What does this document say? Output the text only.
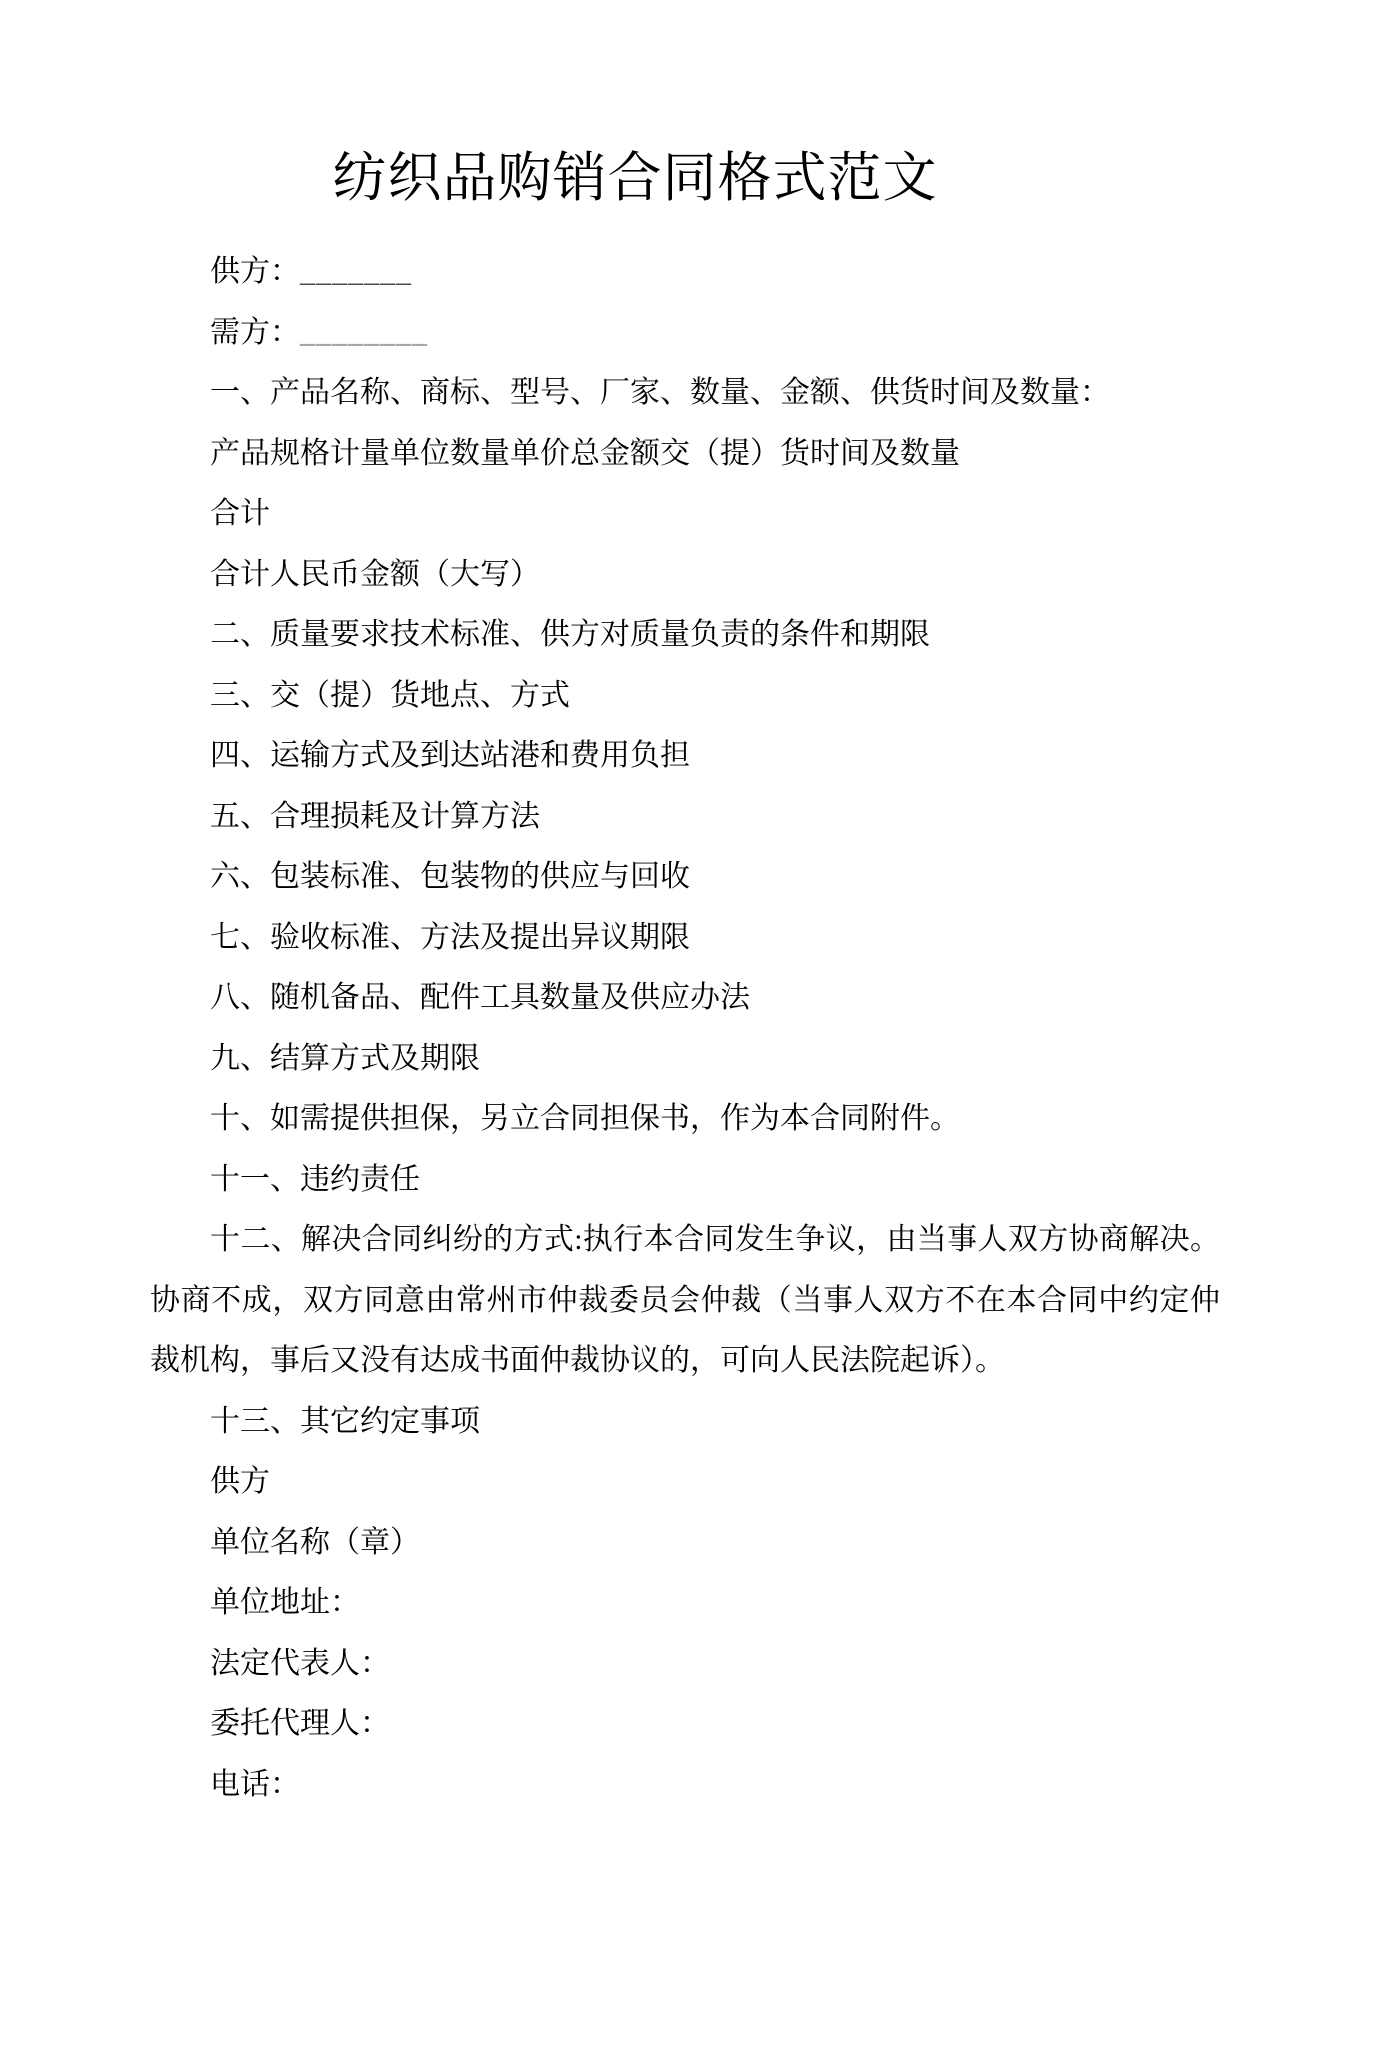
纺织品购销合同格式范文

供方：_______

需方：________

一、产品名称、商标、型号、厂家、数量、金额、供货时间及数量：

产品规格计量单位数量单价总金额交（提）货时间及数量

合计

合计人民币金额（大写）

二、质量要求技术标准、供方对质量负责的条件和期限

三、交（提）货地点、方式

四、运输方式及到达站港和费用负担

五、合理损耗及计算方法

六、包装标准、包装物的供应与回收

七、验收标准、方法及提出异议期限

八、随机备品、配件工具数量及供应办法

九、结算方式及期限

十、如需提供担保，另立合同担保书，作为本合同附件。

十一、违约责任

十二、解决合同纠纷的方式:执行本合同发生争议，由当事人双方协商解决。协商不成，双方同意由常州市仲裁委员会仲裁（当事人双方不在本合同中约定仲裁机构，事后又没有达成书面仲裁协议的，可向人民法院起诉）。

十三、其它约定事项

供方

单位名称（章）

单位地址：

法定代表人：

委托代理人：

电话：
